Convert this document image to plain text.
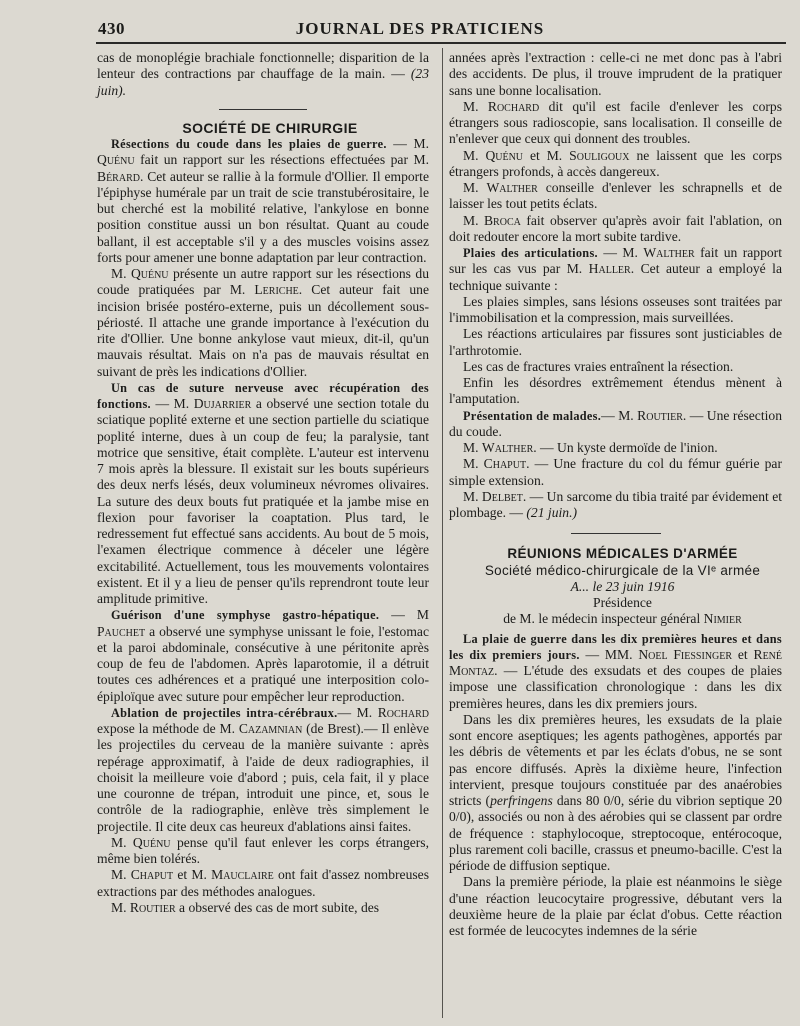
430	JOURNAL DES PRATICIENS

cas de monoplégie brachiale fonctionnelle; disparition de la lenteur des contractions par chauffage de la main. — (23 juin).

SOCIÉTÉ DE CHIRURGIE

Résections du coude dans les plaies de guerre. — M. Quénu fait un rapport sur les résections effectuées par M. Bérard. Cet auteur se rallie à la formule d'Ollier. Il emporte l'épiphyse humérale par un trait de scie transtubérositaire, le but cherché est la mobilité relative, l'ankylose en bonne position constitue aussi un bon résultat. Quant au coude ballant, il est acceptable s'il y a des muscles voisins assez forts pour amener une bonne adaptation par leur contraction.

M. Quénu présente un autre rapport sur les résections du coude pratiquées par M. Leriche. Cet auteur fait une incision brisée postéro-externe, puis un décollement sous-périosté. Il attache une grande importance à l'exécution du rite d'Ollier. Une bonne ankylose vaut mieux, dit-il, qu'un mauvais résultat. Mais on n'a pas de mauvais résultat en suivant de près les indications d'Ollier.

Un cas de suture nerveuse avec récupération des fonctions. — M. Dujarrier a observé une section totale du sciatique poplité externe et une section partielle du sciatique poplité interne, dues à un coup de feu; la paralysie, tant motrice que sensitive, était complète. L'auteur est intervenu 7 mois après la blessure. Il existait sur les bouts supérieurs des deux nerfs lésés, deux volumineux névromes olivaires. La suture des deux bouts fut pratiquée et la jambe mise en flexion pour favoriser la coaptation. Plus tard, le redressement fut effectué sans accidents. Au bout de 5 mois, l'examen électrique commence à déceler une légère excitabilité. Actuellement, tous les mouvements volontaires existent. Et il y a lieu de penser qu'ils reprendront toute leur amplitude primitive.

Guérison d'une symphyse gastro-hépatique. — M Pauchet a observé une symphyse unissant le foie, l'estomac et la paroi abdominale, consécutive à une péritonite après coup de feu de l'abdomen. Après laparotomie, il a détruit toutes ces adhérences et a pratiqué une interposition colo-épiploïque avec suture pour empêcher leur reproduction.

Ablation de projectiles intra-cérébraux.— M. Rochard expose la méthode de M. Cazamnian (de Brest).— Il enlève les projectiles du cerveau de la manière suivante : après repérage approximatif, à l'aide de deux radiographies, il choisit la meilleure voie d'abord ; puis, cela fait, il y place une couronne de trépan, introduit une pince, et, sous le contrôle de la radiographie, enlève très simplement le projectile. Il cite deux cas heureux d'ablations ainsi faites.

M. Quénu pense qu'il faut enlever les corps étrangers, même bien tolérés.

M. Chaput et M. Mauclaire ont fait d'assez nombreuses extractions par des méthodes analogues.

M. Routier a observé des cas de mort subite, des

années après l'extraction : celle-ci ne met donc pas à l'abri des accidents. De plus, il trouve imprudent de la pratiquer sans une bonne localisation.

M. Rochard dit qu'il est facile d'enlever les corps étrangers sous radioscopie, sans localisation. Il conseille de n'enlever que ceux qui donnent des troubles.

M. Quénu et M. Souligoux ne laissent que les corps étrangers profonds, à accès dangereux.

M. Walther conseille d'enlever les schrapnells et de laisser les tout petits éclats.

M. Broca fait observer qu'après avoir fait l'ablation, on doit redouter encore la mort subite tardive.

Plaies des articulations. — M. Walther fait un rapport sur les cas vus par M. Haller. Cet auteur a employé la technique suivante :

Les plaies simples, sans lésions osseuses sont traitées par l'immobilisation et la compression, mais surveillées.

Les réactions articulaires par fissures sont justiciables de l'arthrotomie.

Les cas de fractures vraies entraînent la résection.

Enfin les désordres extrêmement étendus mènent à l'amputation.

Présentation de malades.— M. Routier. — Une résection du coude.

M. Walther. — Un kyste dermoïde de l'inion.

M. Chaput. — Une fracture du col du fémur guérie par simple extension.

M. Delbet. — Un sarcome du tibia traité par évidement et plombage. — (21 juin.)

RÉUNIONS MÉDICALES D'ARMÉE

Société médico-chirurgicale de la VIᵉ armée

A... le 23 juin 1916

Présidence

de M. le médecin inspecteur général Nimier

La plaie de guerre dans les dix premières heures et dans les dix premiers jours. — MM. Noel Fiessinger et René Montaz. — L'étude des exsudats et des coupes de plaies impose une classification chronologique : dans les dix premières heures, dans les dix premiers jours.

Dans les dix premières heures, les exsudats de la plaie sont encore aseptiques; les agents pathogènes, apportés par les débris de vêtements et par les éclats d'obus, ne se sont pas encore diffusés. Après la dixième heure, l'infection intervient, presque toujours constituée par des anaérobies stricts (perfringens dans 80 0/0, série du vibrion septique 20 0/0), associés ou non à des aérobies qui se classent par ordre de fréquence : staphylocoque, streptocoque, entérocoque, plus rarement coli bacille, crassus et pneumo-bacille. C'est la période de diffusion septique.

Dans la première période, la plaie est néanmoins le siège d'une réaction leucocytaire progressive, débutant vers la deuxième heure de la plaie par éclat d'obus. Cette réaction est formée de leucocytes indemnes de la série
